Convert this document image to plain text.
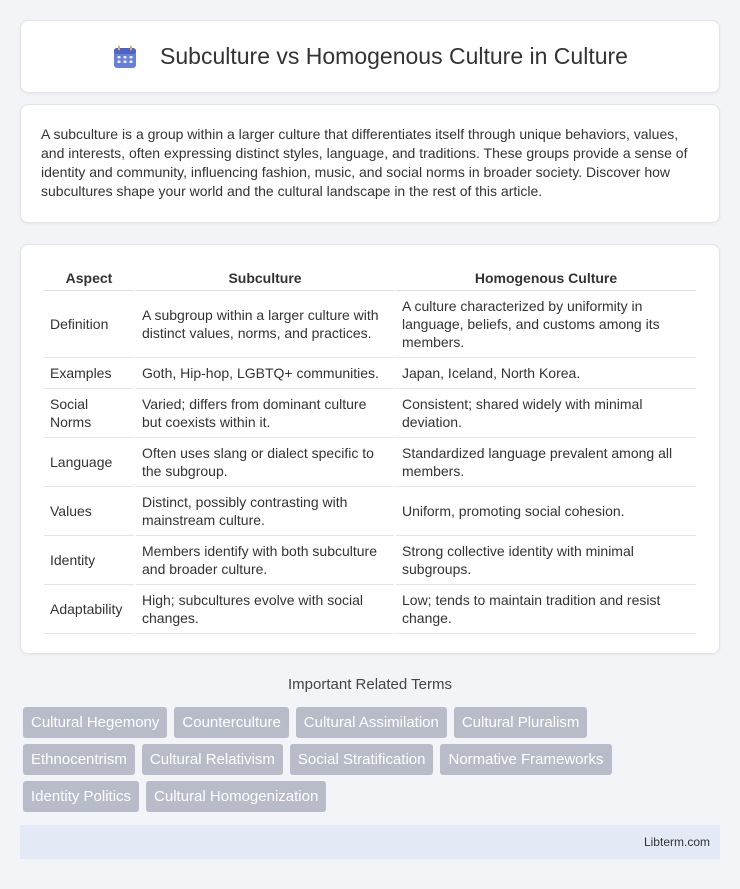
Subculture vs Homogenous Culture in Culture

A subculture is a group within a larger culture that differentiates itself through unique behaviors, values, and interests, often expressing distinct styles, language, and traditions. These groups provide a sense of identity and community, influencing fashion, music, and social norms in broader society. Discover how subcultures shape your world and the cultural landscape in the rest of this article.

Aspect	Subculture	Homogenous Culture
Definition	A subgroup within a larger culture with distinct values, norms, and practices.	A culture characterized by uniformity in language, beliefs, and customs among its members.
Examples	Goth, Hip-hop, LGBTQ+ communities.	Japan, Iceland, North Korea.
Social Norms	Varied; differs from dominant culture but coexists within it.	Consistent; shared widely with minimal deviation.
Language	Often uses slang or dialect specific to the subgroup.	Standardized language prevalent among all members.
Values	Distinct, possibly contrasting with mainstream culture.	Uniform, promoting social cohesion.
Identity	Members identify with both subculture and broader culture.	Strong collective identity with minimal subgroups.
Adaptability	High; subcultures evolve with social changes.	Low; tends to maintain tradition and resist change.
Important Related Terms
Cultural Hegemony	Counterculture	Cultural Assimilation	Cultural Pluralism
Ethnocentrism	Cultural Relativism	Social Stratification	Normative Frameworks
Identity Politics	Cultural Homogenization
Libterm.com
